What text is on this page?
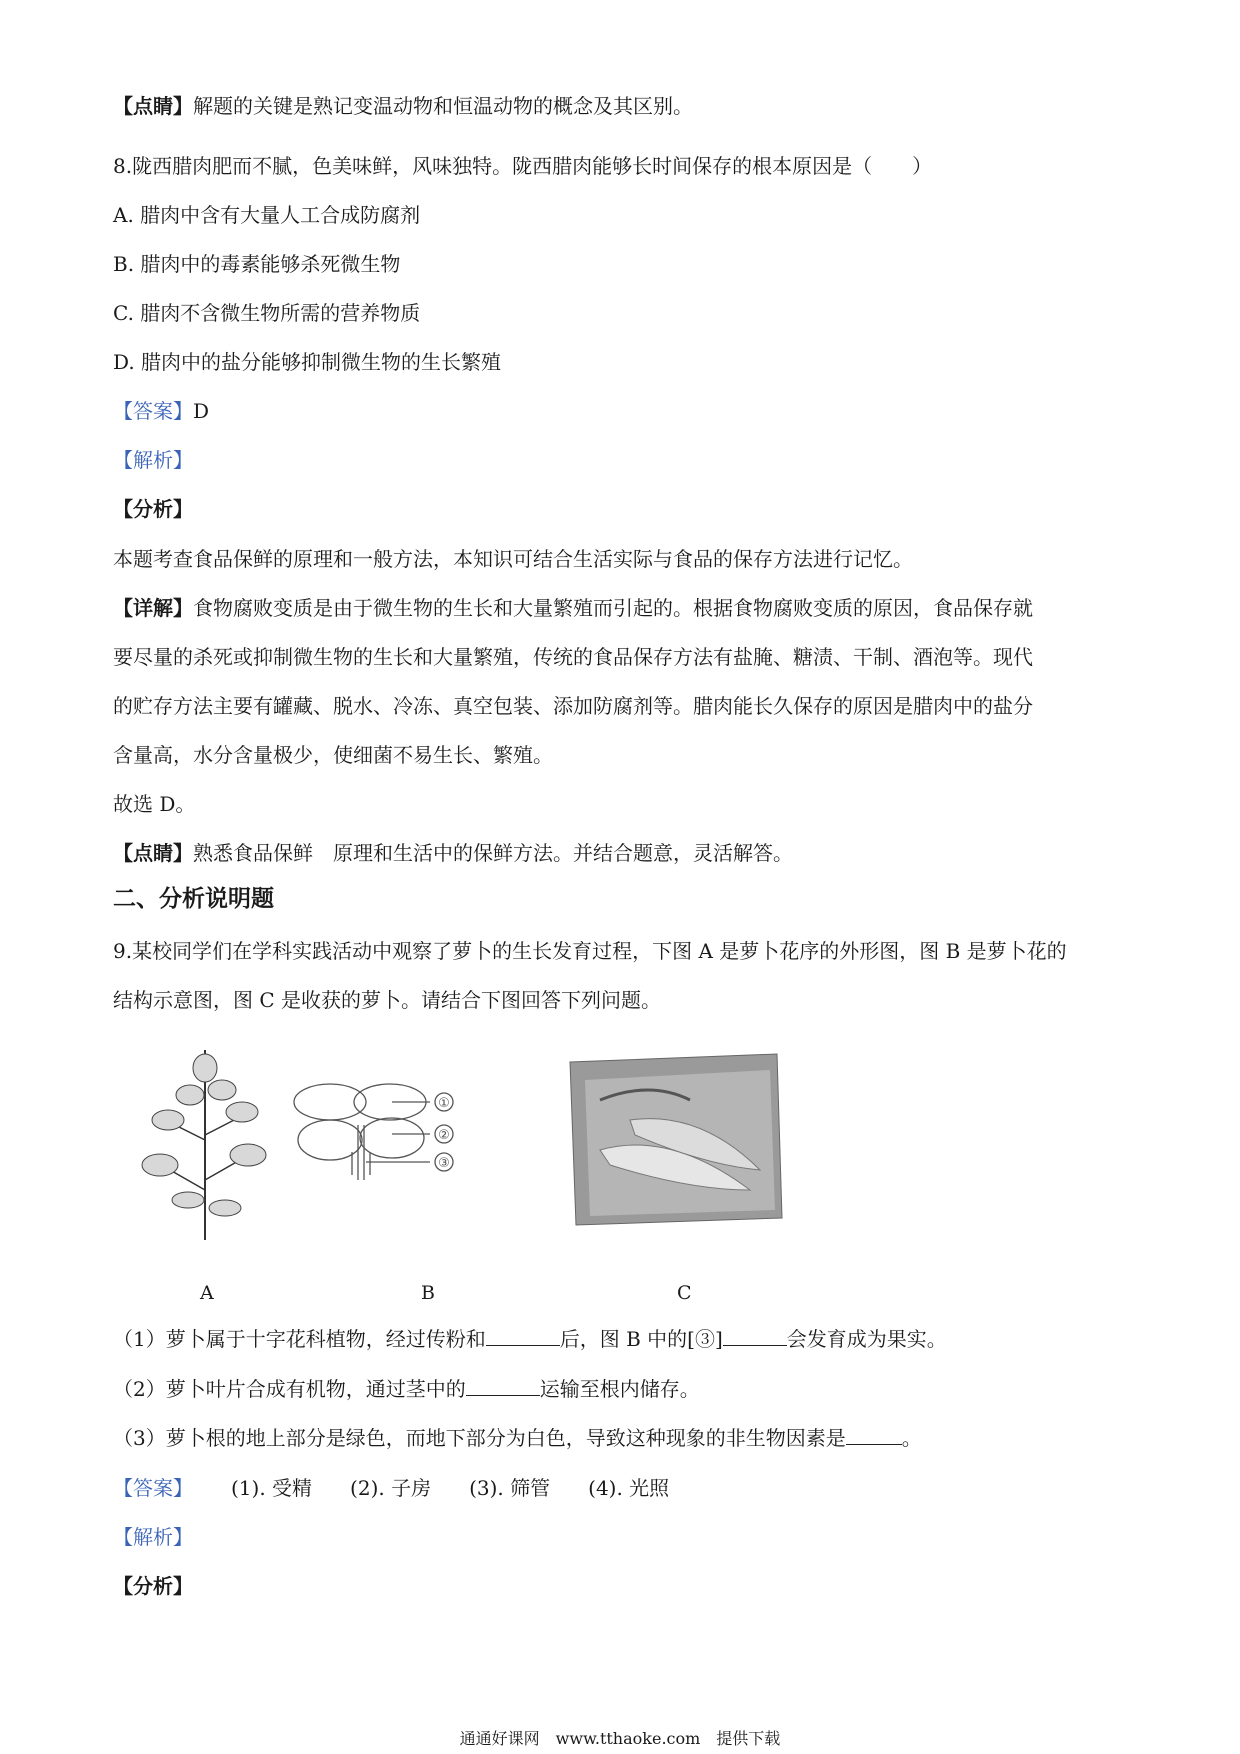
【点睛】解题的关键是熟记变温动物和恒温动物的概念及其区别。
8.陇西腊肉肥而不腻，色美味鲜，风味独特。陇西腊肉能够长时间保存的根本原因是（　　）
A. 腊肉中含有大量人工合成防腐剂
B. 腊肉中的毒素能够杀死微生物
C. 腊肉不含微生物所需的营养物质
D. 腊肉中的盐分能够抑制微生物的生长繁殖
【答案】D
【解析】
【分析】
本题考查食品保鲜的原理和一般方法，本知识可结合生活实际与食品的保存方法进行记忆。
【详解】食物腐败变质是由于微生物的生长和大量繁殖而引起的。根据食物腐败变质的原因，食品保存就
要尽量的杀死或抑制微生物的生长和大量繁殖，传统的食品保存方法有盐腌、糖渍、干制、酒泡等。现代
的贮存方法主要有罐藏、脱水、冷冻、真空包装、添加防腐剂等。腊肉能长久保存的原因是腊肉中的盐分
含量高，水分含量极少，使细菌不易生长、繁殖。
故选 D。
【点睛】熟悉食品保鲜　原理和生活中的保鲜方法。并结合题意，灵活解答。
二、分析说明题
9.某校同学们在学科实践活动中观察了萝卜的生长发育过程，下图 A 是萝卜花序的外形图，图 B 是萝卜花的
结构示意图，图 C 是收获的萝卜。请结合下图回答下列问题。
①
②
③
A	B	C
（1）萝卜属于十字花科植物，经过传粉和	后，图 B 中的[③]	会发育成为果实。
（2）萝卜叶片合成有机物，通过茎中的	运输至根内储存。
（3）萝卜根的地上部分是绿色，而地下部分为白色，导致这种现象的非生物因素是	。
【答案】 (1). 受精 (2). 子房 (3). 筛管 (4). 光照
【解析】
【分析】
通通好课网　www.tthaoke.com　提供下载
